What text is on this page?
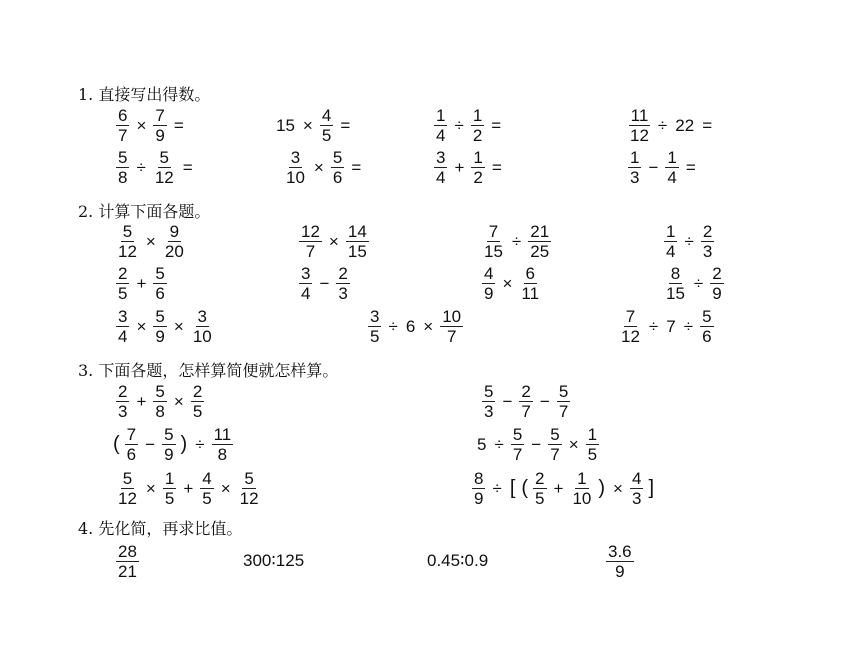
1. 直接写出得数。
2. 计算下面各题。
3. 下面各题，怎样算简便就怎样算。
4. 先化简，再求比值。
$\frac{6}{7} \times \frac{7}{9}$ =	$15 \times \frac{4}{5}$ =	$\frac{1}{4} \div \frac{1}{2}$ =	$\frac{11}{12} \div 22$ =
$\frac{5}{8} \div \frac{5}{12}$ =	$\frac{3}{10} \times \frac{5}{6}$ =	$\frac{3}{4} + \frac{1}{2}$ =	$\frac{1}{3} - \frac{1}{4}$ =
$\frac{5}{12} \times \frac{9}{20}$	$\frac{12}{7} \times \frac{14}{15}$	$\frac{7}{15} \div \frac{21}{25}$	$\frac{1}{4} \div \frac{2}{3}$
$\frac{2}{5} + \frac{5}{6}$	$\frac{3}{4} - \frac{2}{3}$	$\frac{4}{9} \times \frac{6}{11}$	$\frac{8}{15} \div \frac{2}{9}$
$\frac{3}{4} \times \frac{5}{9} \times \frac{3}{10}$	$\frac{3}{5} \div 6 \times \frac{10}{7}$	$\frac{7}{12} \div 7 \div \frac{5}{6}$
$\frac{2}{3} + \frac{5}{8} \times \frac{2}{5}$	$\frac{5}{3} - \frac{2}{7} - \frac{5}{7}$
( $\frac{7}{6} - \frac{5}{9}$ ) ÷ $\frac{11}{8}$	$5 \div \frac{5}{7} - \frac{5}{7} \times \frac{1}{5}$
$\frac{5}{12} \times \frac{1}{5} + \frac{4}{5} \times \frac{5}{12}$	$\frac{8}{9}$ ÷ [ ( $\frac{2}{5} + \frac{1}{10}$ ) × $\frac{4}{3}$ ]
$\frac{28}{21}$	300∶125	0.45∶0.9	$\frac{3.6}{9}$
